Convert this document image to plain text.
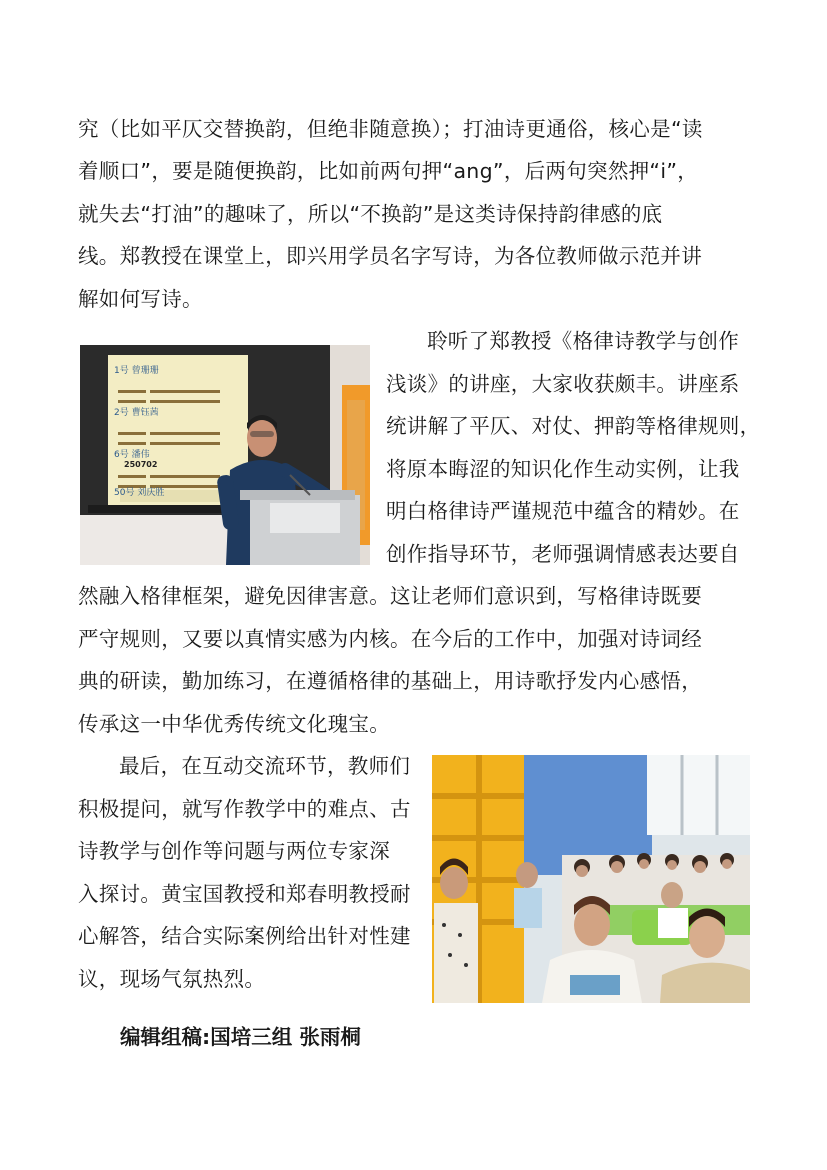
究（比如平仄交替换韵，但绝非随意换）；打油诗更通俗，核心是“读
着顺口”，要是随便换韵，比如前两句押“ang”，后两句突然押“i”，
就失去“打油”的趣味了，所以“不换韵”是这类诗保持韵律感的底
线。郑教授在课堂上，即兴用学员名字写诗，为各位教师做示范并讲
解如何写诗。
1号 曾珊珊
2号 曹钰茜
6号 潘伟
50号 刘庆胜
250702
聆听了郑教授《格律诗教学与创作
浅谈》的讲座，大家收获颇丰。讲座系
统讲解了平仄、对仗、押韵等格律规则，
将原本晦涩的知识化作生动实例，让我
明白格律诗严谨规范中蕴含的精妙。在
创作指导环节，老师强调情感表达要自
然融入格律框架，避免因律害意。这让老师们意识到，写格律诗既要
严守规则，又要以真情实感为内核。在今后的工作中，加强对诗词经
典的研读，勤加练习，在遵循格律的基础上，用诗歌抒发内心感悟，
传承这一中华优秀传统文化瑰宝。
最后，在互动交流环节，教师们
积极提问，就写作教学中的难点、古
诗教学与创作等问题与两位专家深
入探讨。黄宝国教授和郑春明教授耐
心解答，结合实际案例给出针对性建
议，现场气氛热烈。
编辑组稿:国培三组 张雨桐
